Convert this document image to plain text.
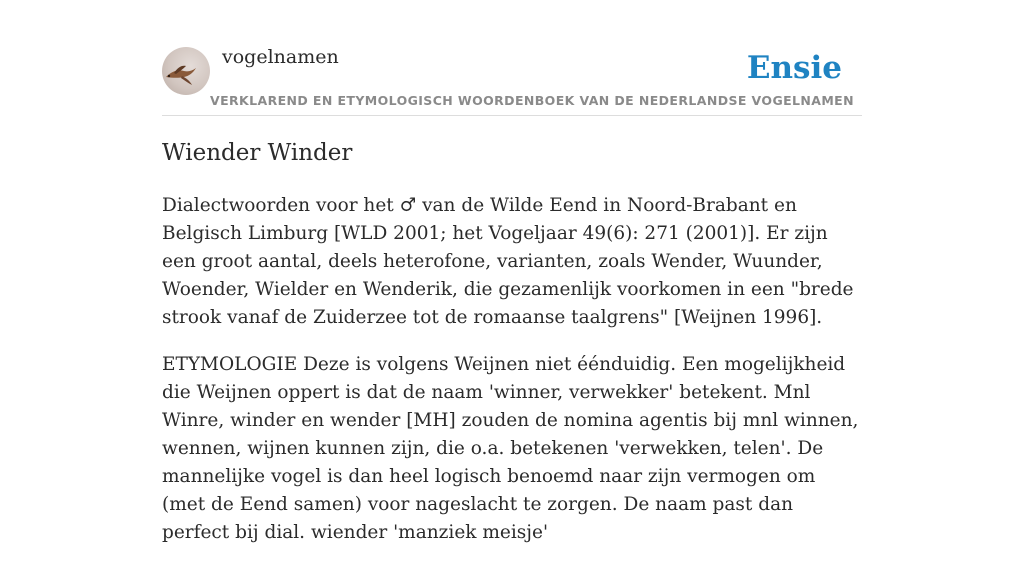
vogelnamen	Ensie
VERKLAREND EN ETYMOLOGISCH WOORDENBOEK VAN DE NEDERLANDSE VOGELNAMEN
Wiender Winder

Dialectwoorden voor het ♂ van de Wilde Eend in Noord-Brabant en Belgisch Limburg [WLD 2001; het Vogeljaar 49(6): 271 (2001)]. Er zijn een groot aantal, deels heterofone, varianten, zoals Wender, Wuunder, Woender, Wielder en Wenderik, die gezamenlijk voorkomen in een "brede strook vanaf de Zuiderzee tot de romaanse taalgrens" [Weijnen 1996].

ETYMOLOGIE Deze is volgens Weijnen niet éénduidig. Een mogelijkheid die Weijnen oppert is dat de naam 'winner, verwekker' betekent. Mnl Winre, winder en wender [MH] zouden de nomina agentis bij mnl winnen, wennen, wijnen kunnen zijn, die o.a. betekenen 'verwekken, telen'. De mannelijke vogel is dan heel logisch benoemd naar zijn vermogen om (met de Eend samen) voor nageslacht te zorgen. De naam past dan perfect bij dial. wiender 'manziek meisje'
